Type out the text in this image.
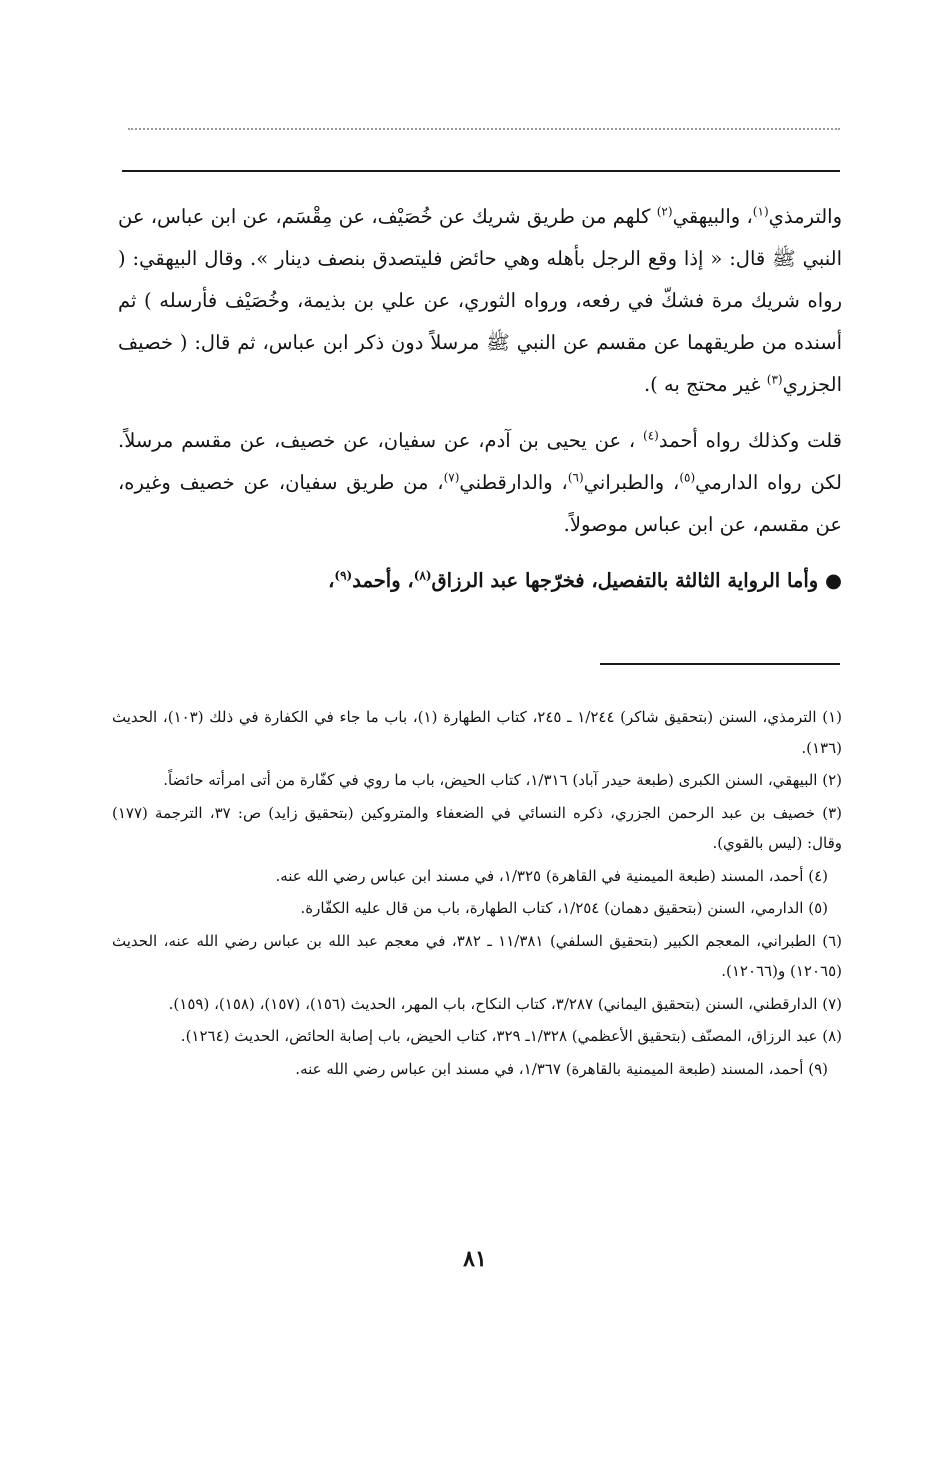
والترمذي$^{(١)}$، والبيهقي$^{(٢)}$ كلهم من طريق شريك عن خُصَيْف، عن مِقْسَم، عن ابن عباس، عن النبي ﷺ قال: « إذا وقع الرجل بأهله وهي حائض فليتصدق بنصف دينار ». وقال البيهقي: ( رواه شريك مرة فشكّ في رفعه، ورواه الثوري، عن علي بن بذيمة، وخُصَيْف فأرسله ) ثم أسنده من طريقهما عن مقسم عن النبي ﷺ مرسلاً دون ذكر ابن عباس، ثم قال: ( خصيف الجزري$^{(٣)}$ غير محتج به ).

قلت وكذلك رواه أحمد$^{(٤)}$ ، عن يحيى بن آدم، عن سفيان، عن خصيف، عن مقسم مرسلاً. لكن رواه الدارمي$^{(٥)}$، والطبراني$^{(٦)}$، والدارقطني$^{(٧)}$، من طريق سفيان، عن خصيف وغيره، عن مقسم، عن ابن عباس موصولاً.

● وأما الرواية الثالثة بالتفصيل، فخرّجها عبد الرزاق$^{(٨)}$، وأحمد$^{(٩)}$،

(١) الترمذي، السنن (بتحقيق شاكر) ١/٢٤٤ ـ ٢٤٥، كتاب الطهارة (١)، باب ما جاء في الكفارة في ذلك (١٠٣)، الحديث (١٣٦).

(٢) البيهقي، السنن الكبرى (طبعة حيدر آباد) ١/٣١٦، كتاب الحيض، باب ما روي في كفّارة من أتى امرأته حائضاً.

(٣) خصيف بن عبد الرحمن الجزري، ذكره النسائي في الضعفاء والمتروكين (بتحقيق زايد) ص: ٣٧، الترجمة (١٧٧) وقال: (ليس بالقوي).

(٤) أحمد، المسند (طبعة الميمنية في القاهرة) ١/٣٢٥، في مسند ابن عباس رضي الله عنه.

(٥) الدارمي، السنن (بتحقيق دهمان) ١/٢٥٤، كتاب الطهارة، باب من قال عليه الكفّارة.

(٦) الطبراني، المعجم الكبير (بتحقيق السلفي) ١١/٣٨١ ـ ٣٨٢، في معجم عبد الله بن عباس رضي الله عنه، الحديث (١٢٠٦٥) و(١٢٠٦٦).

(٧) الدارقطني، السنن (بتحقيق اليماني) ٣/٢٨٧، كتاب النكاح، باب المهر، الحديث (١٥٦)، (١٥٧)، (١٥٨)، (١٥٩).

(٨) عبد الرزاق، المصنّف (بتحقيق الأعظمي) ١/٣٢٨ـ ٣٢٩، كتاب الحيض، باب إصابة الحائض، الحديث (١٢٦٤).

(٩) أحمد، المسند (طبعة الميمنية بالقاهرة) ١/٣٦٧، في مسند ابن عباس رضي الله عنه.

٨١
